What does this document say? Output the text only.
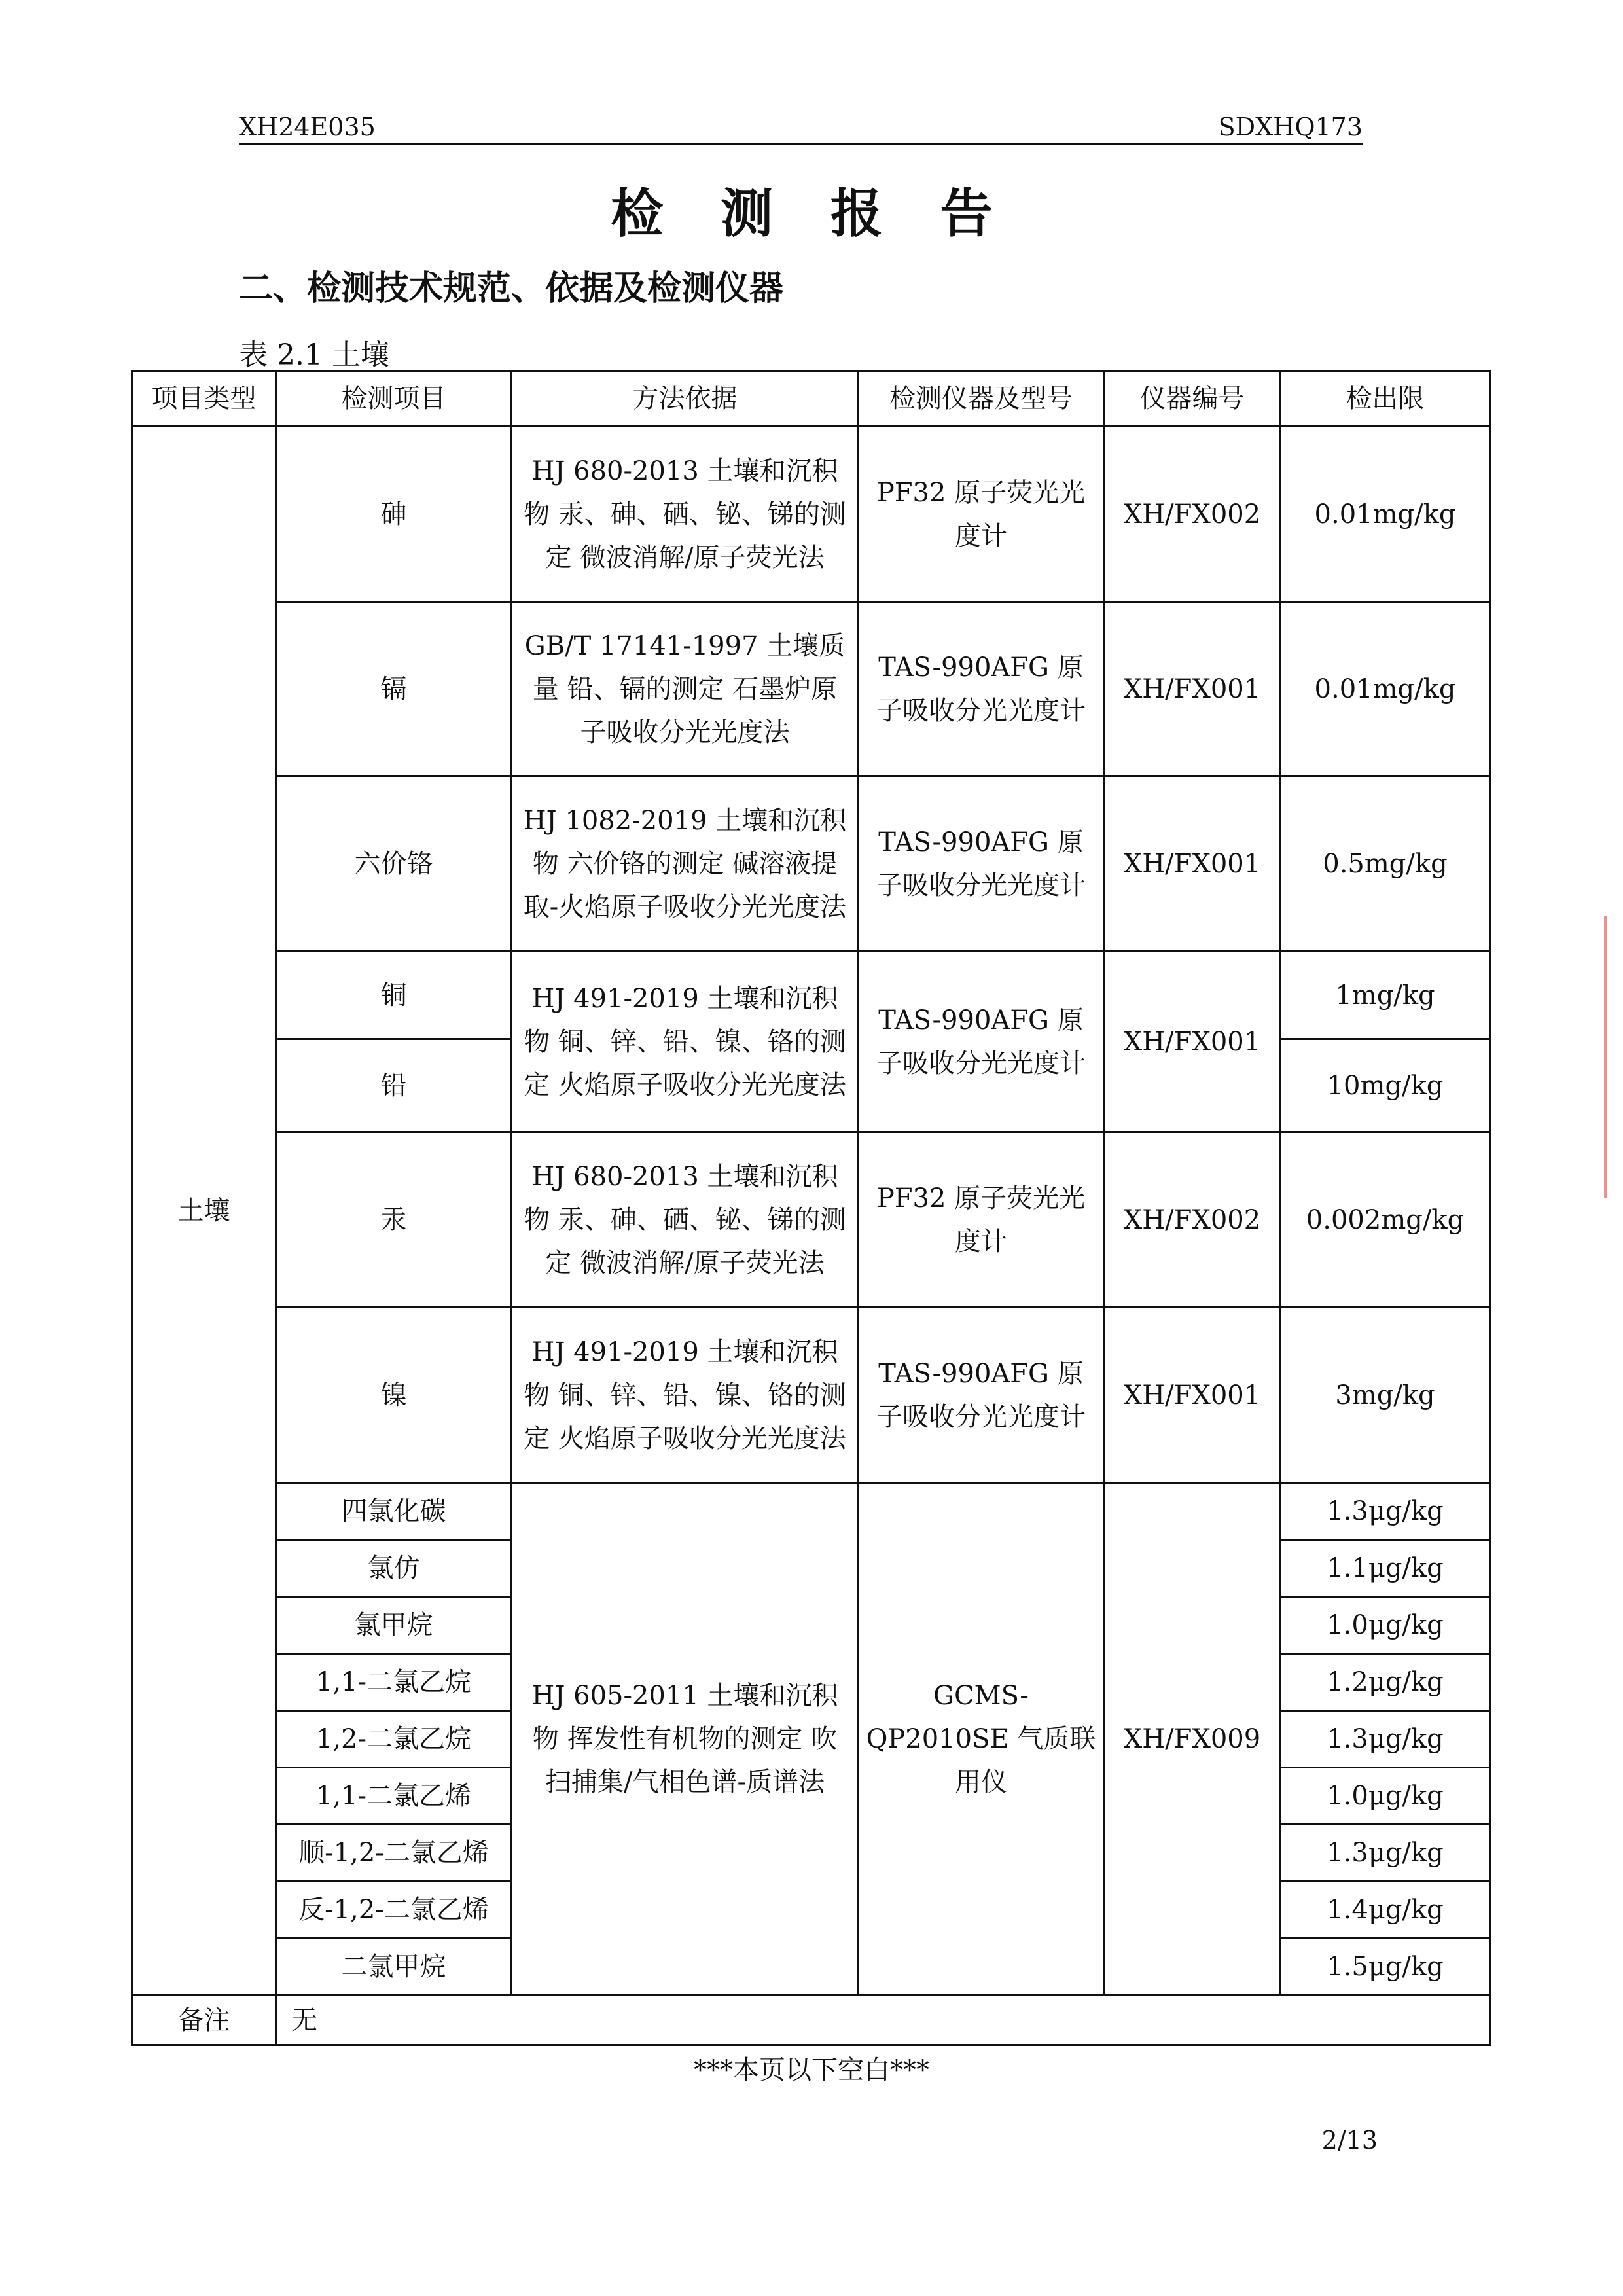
XH24E035	SDXHQ173
检 测 报 告
二、检测技术规范、依据及检测仪器
表 2.1 土壤
项目类型	检测项目	方法依据	检测仪器及型号	仪器编号	检出限
土壤	砷	HJ 680-2013 土壤和沉积物 汞、砷、硒、铋、锑的测定 微波消解/原子荧光法	PF32 原子荧光光度计	XH/FX002	0.01mg/kg
	镉	GB/T 17141-1997 土壤质量 铅、镉的测定 石墨炉原子吸收分光光度法	TAS-990AFG 原子吸收分光光度计	XH/FX001	0.01mg/kg
	六价铬	HJ 1082-2019 土壤和沉积物 六价铬的测定 碱溶液提取-火焰原子吸收分光光度法	TAS-990AFG 原子吸收分光光度计	XH/FX001	0.5mg/kg
	铜	HJ 491-2019 土壤和沉积物 铜、锌、铅、镍、铬的测定 火焰原子吸收分光光度法	TAS-990AFG 原子吸收分光光度计	XH/FX001	1mg/kg
	铅				10mg/kg
	汞	HJ 680-2013 土壤和沉积物 汞、砷、硒、铋、锑的测定 微波消解/原子荧光法	PF32 原子荧光光度计	XH/FX002	0.002mg/kg
	镍	HJ 491-2019 土壤和沉积物 铜、锌、铅、镍、铬的测定 火焰原子吸收分光光度法	TAS-990AFG 原子吸收分光光度计	XH/FX001	3mg/kg
	四氯化碳	HJ 605-2011 土壤和沉积物 挥发性有机物的测定 吹扫捕集/气相色谱-质谱法	GCMS-QP2010SE 气质联用仪	XH/FX009	1.3μg/kg
	氯仿				1.1μg/kg
	氯甲烷				1.0μg/kg
	1,1-二氯乙烷				1.2μg/kg
	1,2-二氯乙烷				1.3μg/kg
	1,1-二氯乙烯				1.0μg/kg
	顺-1,2-二氯乙烯				1.3μg/kg
	反-1,2-二氯乙烯				1.4μg/kg
	二氯甲烷				1.5μg/kg
备注	无				
***本页以下空白***
2/13
